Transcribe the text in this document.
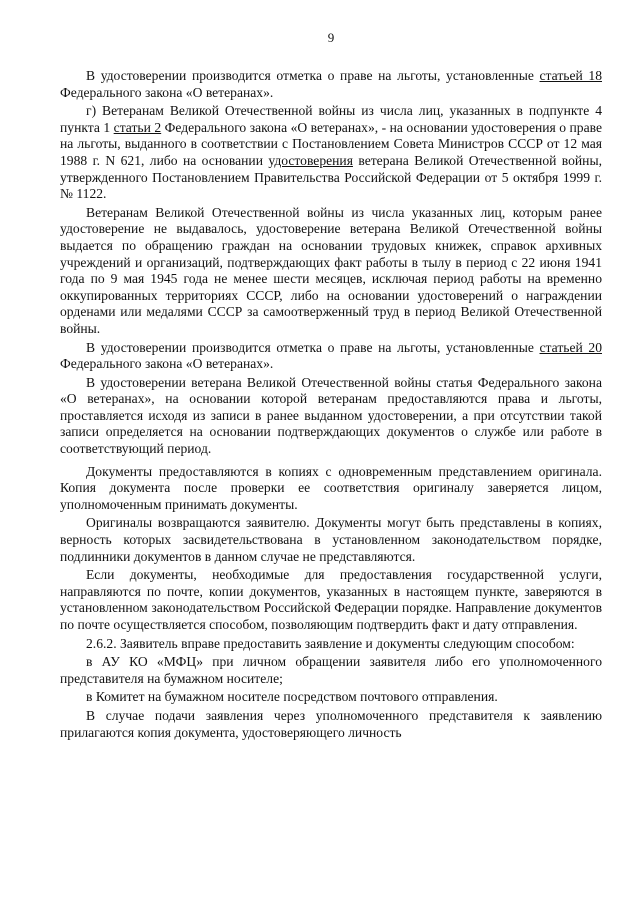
9

В удостоверении производится отметка о праве на льготы, установленные статьей 18 Федерального закона «О ветеранах».

г) Ветеранам Великой Отечественной войны из числа лиц, указанных в подпункте 4 пункта 1 статьи 2 Федерального закона «О ветеранах», - на основании удостоверения о праве на льготы, выданного в соответствии с Постановлением Совета Министров СССР от 12 мая 1988 г. N 621, либо на основании удостоверения ветерана Великой Отечественной войны, утвержденного Постановлением Правительства Российской Федерации от 5 октября 1999 г. № 1122.

Ветеранам Великой Отечественной войны из числа указанных лиц, которым ранее удостоверение не выдавалось, удостоверение ветерана Великой Отечественной войны выдается по обращению граждан на основании трудовых книжек, справок архивных учреждений и организаций, подтверждающих факт работы в тылу в период с 22 июня 1941 года по 9 мая 1945 года не менее шести месяцев, исключая период работы на временно оккупированных территориях СССР, либо на основании удостоверений о награждении орденами или медалями СССР за самоотверженный труд в период Великой Отечественной войны.

В удостоверении производится отметка о праве на льготы, установленные статьей 20 Федерального закона «О ветеранах».

В удостоверении ветерана Великой Отечественной войны статья Федерального закона «О ветеранах», на основании которой ветеранам предоставляются права и льготы, проставляется исходя из записи в ранее выданном удостоверении, а при отсутствии такой записи определяется на основании подтверждающих документов о службе или работе в соответствующий период.

Документы предоставляются в копиях с одновременным представлением оригинала. Копия документа после проверки ее соответствия оригиналу заверяется лицом, уполномоченным принимать документы.

Оригиналы возвращаются заявителю. Документы могут быть представлены в копиях, верность которых засвидетельствована в установленном законодательством порядке, подлинники документов в данном случае не представляются.

Если документы, необходимые для предоставления государственной услуги, направляются по почте, копии документов, указанных в настоящем пункте, заверяются в установленном законодательством Российской Федерации порядке. Направление документов по почте осуществляется способом, позволяющим подтвердить факт и дату отправления.

2.6.2. Заявитель вправе предоставить заявление и документы следующим способом:

в АУ КО «МФЦ» при личном обращении заявителя либо его уполномоченного представителя на бумажном носителе;

в Комитет на бумажном носителе посредством почтового отправления.

В случае подачи заявления через уполномоченного представителя к заявлению прилагаются копия документа, удостоверяющего личность
